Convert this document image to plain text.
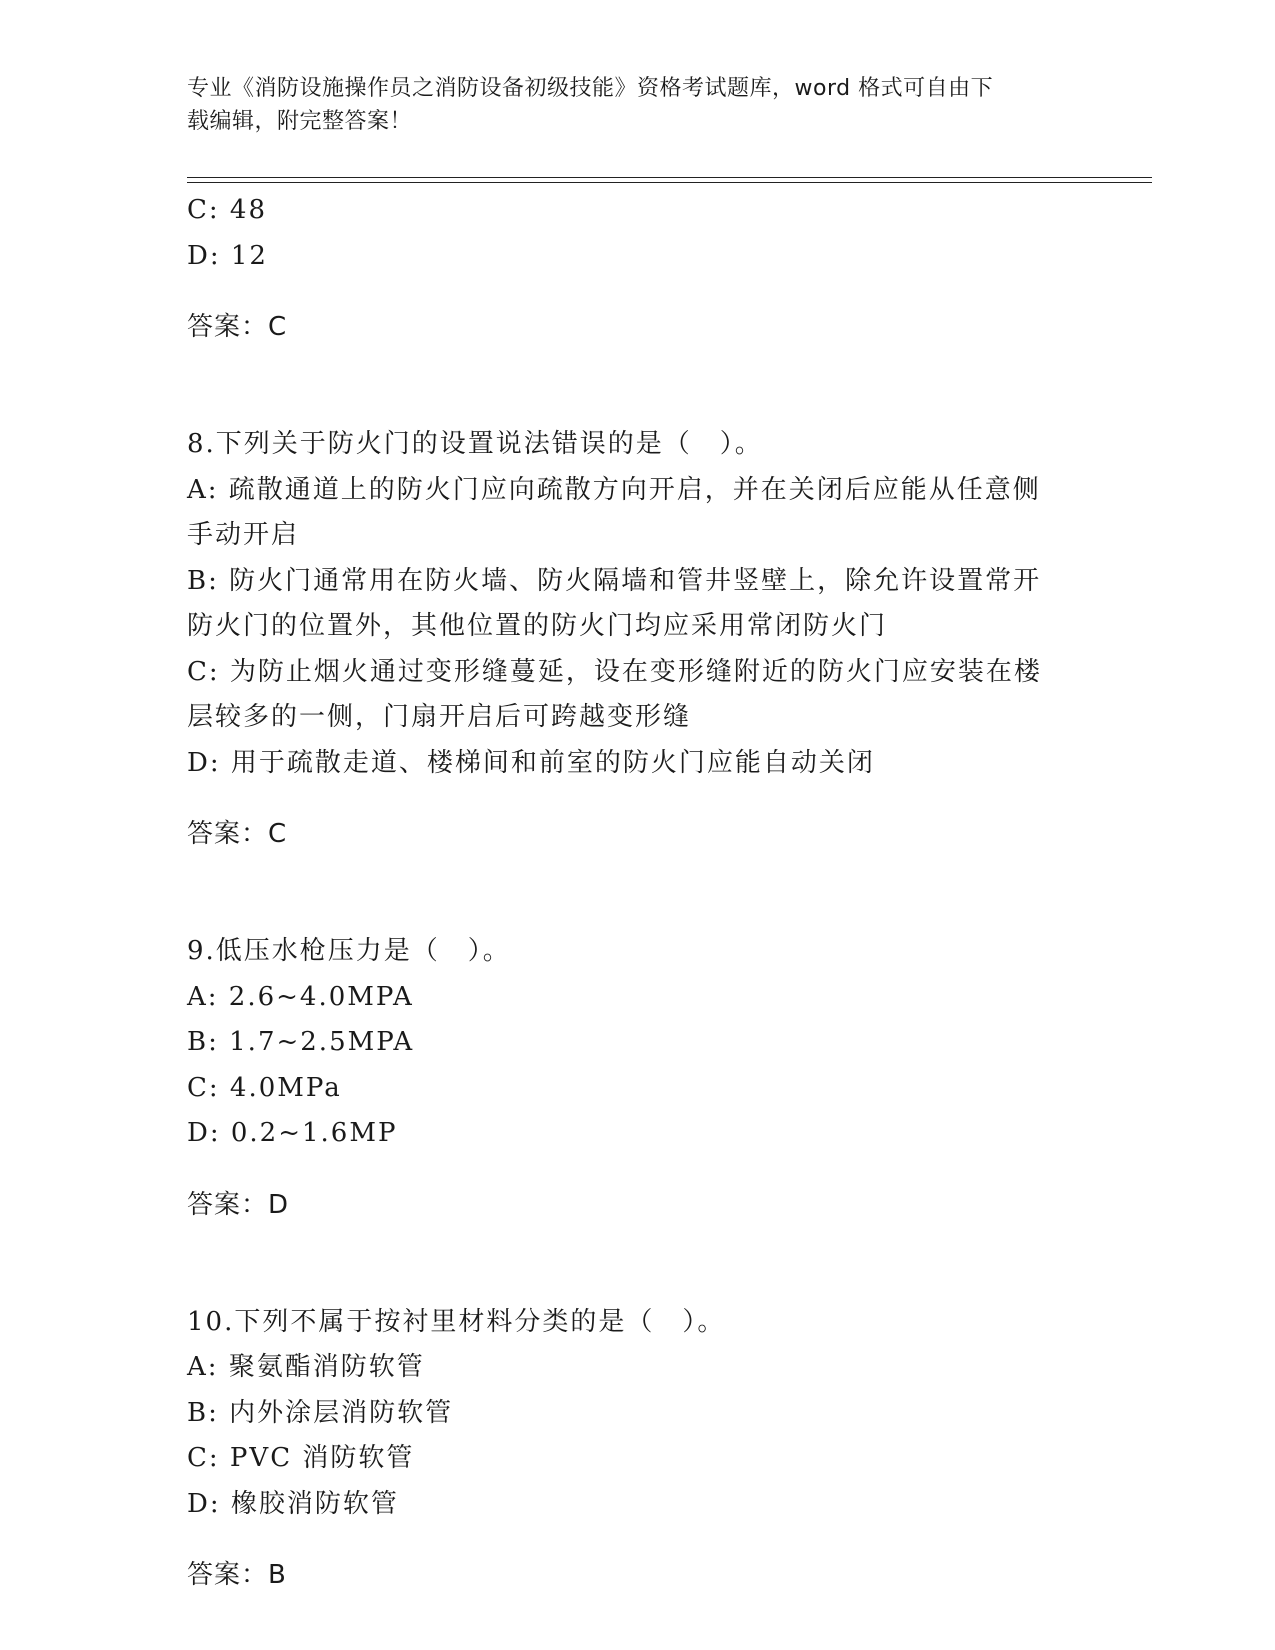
专业《消防设施操作员之消防设备初级技能》资格考试题库，word 格式可自由下
载编辑，附完整答案！

C: 48

D: 12

答案：C

8.下列关于防火门的设置说法错误的是（　）。

A: 疏散通道上的防火门应向疏散方向开启，并在关闭后应能从任意侧手动开启

B: 防火门通常用在防火墙、防火隔墙和管井竖壁上，除允许设置常开防火门的位置外，其他位置的防火门均应采用常闭防火门

C: 为防止烟火通过变形缝蔓延，设在变形缝附近的防火门应安装在楼层较多的一侧，门扇开启后可跨越变形缝

D: 用于疏散走道、楼梯间和前室的防火门应能自动关闭

答案：C

9.低压水枪压力是（　）。

A: 2.6~4.0MPA

B: 1.7~2.5MPA

C: 4.0MPa

D: 0.2~1.6MP

答案：D

10.下列不属于按衬里材料分类的是（　）。

A: 聚氨酯消防软管

B: 内外涂层消防软管

C: PVC 消防软管

D: 橡胶消防软管

答案：B
